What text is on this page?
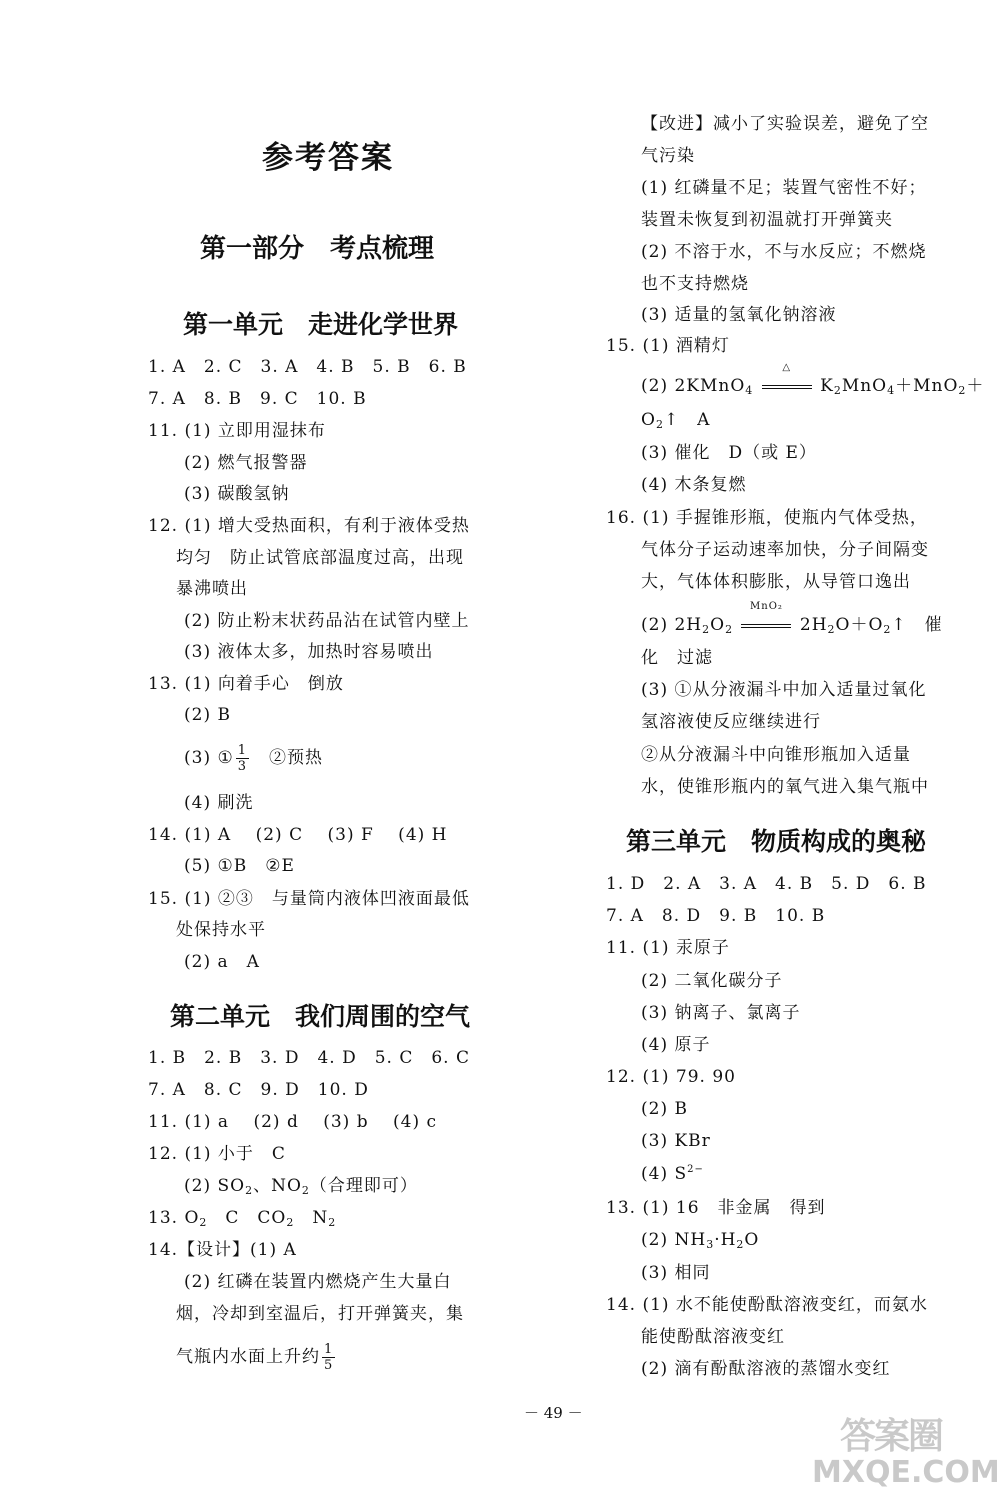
参考答案
第一部分　考点梳理
第一单元　走进化学世界
1. A　2. C　3. A　4. B　5. B　6. B
7. A　8. B　9. C　10. B
11. (1) 立即用湿抹布
(2) 燃气报警器
(3) 碳酸氢钠
12. (1) 增大受热面积，有利于液体受热
均匀　防止试管底部温度过高，出现
暴沸喷出
(2) 防止粉末状药品沾在试管内壁上
(3) 液体太多，加热时容易喷出
13. (1) 向着手心　倒放
(2) B
(3) ① $\frac{1}{3}$
　 ②预热
(4) 刷洗
14. (1) A　 (2) C　 (3) F　 (4) H
(5) ①B　②E
15. (1) ②③　与量筒内液体凹液面最低
处保持水平
(2) a　A
第二单元　我们周围的空气
1. B　2. B　3. D　4. D　5. C　6. C
7. A　8. C　9. D　10. D
11. (1) a　 (2) d　 (3) b　 (4) c
12. (1) 小于　C
(2) $SO_2$、$NO_2$（合理即可）
13. $O_2$　C　$CO_2$　$N_2$
14.【设计】(1) A
(2) 红磷在装置内燃烧产生大量白
烟，冷却到室温后，打开弹簧夹，集
气瓶内水面上升约 $\frac{1}{5}$
【改进】减小了实验误差，避免了空
气污染
(1) 红磷量不足；装置气密性不好；
装置未恢复到初温就打开弹簧夹
(2) 不溶于水，不与水反应；不燃烧
也不支持燃烧
(3) 适量的氢氧化钠溶液
15. (1) 酒精灯
(2) 2KMnO$_4$
△
$K_2MnO_4+MnO_2+$
$O_2↑$　A
(3) 催化　D（或 E）
(4) 木条复燃
16. (1) 手握锥形瓶，使瓶内气体受热，
气体分子运动速率加快，分子间隔变
大，气体体积膨胀，从导管口逸出
(2) $2H_2O_2$
MnO₂
$2H_2O+O_2↑$　催
化　过滤
(3) ①从分液漏斗中加入适量过氧化
氢溶液使反应继续进行
②从分液漏斗中向锥形瓶加入适量
水，使锥形瓶内的氧气进入集气瓶中
第三单元　物质构成的奥秘
1. D　2. A　3. A　4. B　5. D　6. B
7. A　8. D　9. B　10. B
11. (1) 汞原子
(2) 二氧化碳分子
(3) 钠离子、氯离子
(4) 原子
12. (1) 79. 90
(2) B
(3) KBr
(4) $S^{2-}$
13. (1) 16　非金属　得到
(2) $NH_3\cdot H_2O$
(3) 相同
14. (1) 水不能使酚酞溶液变红，而氨水
能使酚酞溶液变红
(2) 滴有酚酞溶液的蒸馏水变红
－ 49 －
答案圈
MXQE.COM
